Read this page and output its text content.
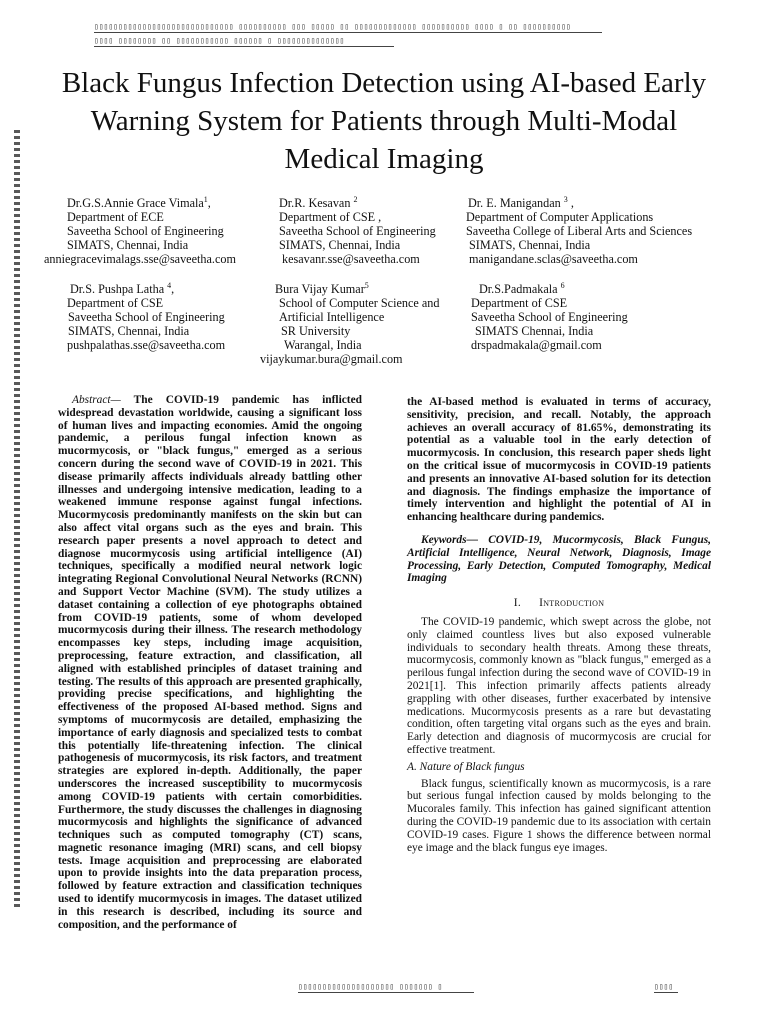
▯▯▯▯▯▯▯▯▯▯▯▯▯▯▯▯▯▯▯▯▯▯▯▯▯▯▯▯▯ ▯▯▯▯▯▯▯▯▯▯ ▯▯▯ ▯▯▯▯▯ ▯▯ ▯▯▯▯▯▯▯▯▯▯▯▯▯ ▯▯▯▯▯▯▯▯▯▯ ▯▯▯▯ ▯ ▯▯ ▯▯▯▯▯▯▯▯▯▯
▯▯▯▯ ▯▯▯▯▯▯▯▯ ▯▯ ▯▯▯▯▯▯▯▯▯▯▯ ▯▯▯▯▯▯ ▯ ▯▯▯▯▯▯▯▯▯▯▯▯▯▯
Black Fungus Infection Detection using AI-based Early Warning System for Patients through Multi-Modal Medical Imaging
Dr.G.S.Annie Grace Vimala$^1$,
Department of ECE
Saveetha School of Engineering
SIMATS, Chennai, India
anniegracevimalags.sse@saveetha.com
Dr.R. Kesavan $^2$
Department of CSE ,
Saveetha School of Engineering
SIMATS, Chennai, India
kesavanr.sse@saveetha.com
Dr. E. Manigandan $^3$ ,
Department of Computer Applications
Saveetha College of Liberal Arts and Sciences
SIMATS, Chennai, India
manigandane.sclas@saveetha.com
Dr.S. Pushpa Latha $^4$,
Department of CSE
Saveetha School of Engineering
SIMATS, Chennai, India
pushpalathas.sse@saveetha.com
Bura Vijay Kumar$^5$
School of Computer Science and
Artificial Intelligence
SR University
Warangal, India
vijaykumar.bura@gmail.com
Dr.S.Padmakala $^6$
Department of CSE
Saveetha School of Engineering
SIMATS Chennai, India
drspadmakala@gmail.com

Abstract— The COVID-19 pandemic has inflicted widespread devastation worldwide, causing a significant loss of human lives and impacting economies. Amid the ongoing pandemic, a perilous fungal infection known as mucormycosis, or "black fungus," emerged as a serious concern during the second wave of COVID-19 in 2021. This disease primarily affects individuals already battling other illnesses and undergoing intensive medication, leading to a weakened immune response against fungal infections. Mucormycosis predominantly manifests on the skin but can also affect vital organs such as the eyes and brain. This research paper presents a novel approach to detect and diagnose mucormycosis using artificial intelligence (AI) techniques, specifically a modified neural network logic integrating Regional Convolutional Neural Networks (RCNN) and Support Vector Machine (SVM). The study utilizes a dataset containing a collection of eye photographs obtained from COVID-19 patients, some of whom developed mucormycosis during their illness. The research methodology encompasses key steps, including image acquisition, preprocessing, feature extraction, and classification, all aligned with established principles of dataset training and testing. The results of this approach are presented graphically, providing precise specifications, and highlighting the effectiveness of the proposed AI-based method. Signs and symptoms of mucormycosis are detailed, emphasizing the importance of early diagnosis and specialized tests to combat this potentially life-threatening infection. The clinical pathogenesis of mucormycosis, its risk factors, and treatment strategies are explored in-depth. Additionally, the paper underscores the increased susceptibility to mucormycosis among COVID-19 patients with certain comorbidities. Furthermore, the study discusses the challenges in diagnosing mucormycosis and highlights the significance of advanced techniques such as computed tomography (CT) scans, magnetic resonance imaging (MRI) scans, and cell biopsy tests. Image acquisition and preprocessing are elaborated upon to provide insights into the data preparation process, followed by feature extraction and classification techniques used to identify mucormycosis in images. The dataset utilized in this research is described, including its source and composition, and the performance of

the AI-based method is evaluated in terms of accuracy, sensitivity, precision, and recall. Notably, the approach achieves an overall accuracy of 81.65%, demonstrating its potential as a valuable tool in the early detection of mucormycosis. In conclusion, this research paper sheds light on the critical issue of mucormycosis in COVID-19 patients and presents an innovative AI-based solution for its detection and diagnosis. The findings emphasize the importance of timely intervention and highlight the potential of AI in enhancing healthcare during pandemics.

Keywords— COVID-19, Mucormycosis, Black Fungus, Artificial Intelligence, Neural Network, Diagnosis, Image Processing, Early Detection, Computed Tomography, Medical Imaging

I. Introduction

The COVID-19 pandemic, which swept across the globe, not only claimed countless lives but also exposed vulnerable individuals to secondary health threats. Among these threats, mucormycosis, commonly known as "black fungus," emerged as a perilous fungal infection during the second wave of COVID-19 in 2021[1]. This infection primarily affects patients already grappling with other diseases, further exacerbated by intensive medications. Mucormycosis presents as a rare but devastating condition, often targeting vital organs such as the eyes and brain. Early detection and diagnosis of mucormycosis are crucial for effective treatment.

A. Nature of Black fungus

Black fungus, scientifically known as mucormycosis, is a rare but serious fungal infection caused by molds belonging to the Mucorales family. This infection has gained significant attention during the COVID-19 pandemic due to its association with certain COVID-19 cases. Figure 1 shows the difference between normal eye image and the black fungus eye images.

▯▯▯▯▯▯▯▯▯▯▯▯▯▯▯▯▯▯▯▯ ▯▯▯▯▯▯▯ ▯	▯▯▯▯
